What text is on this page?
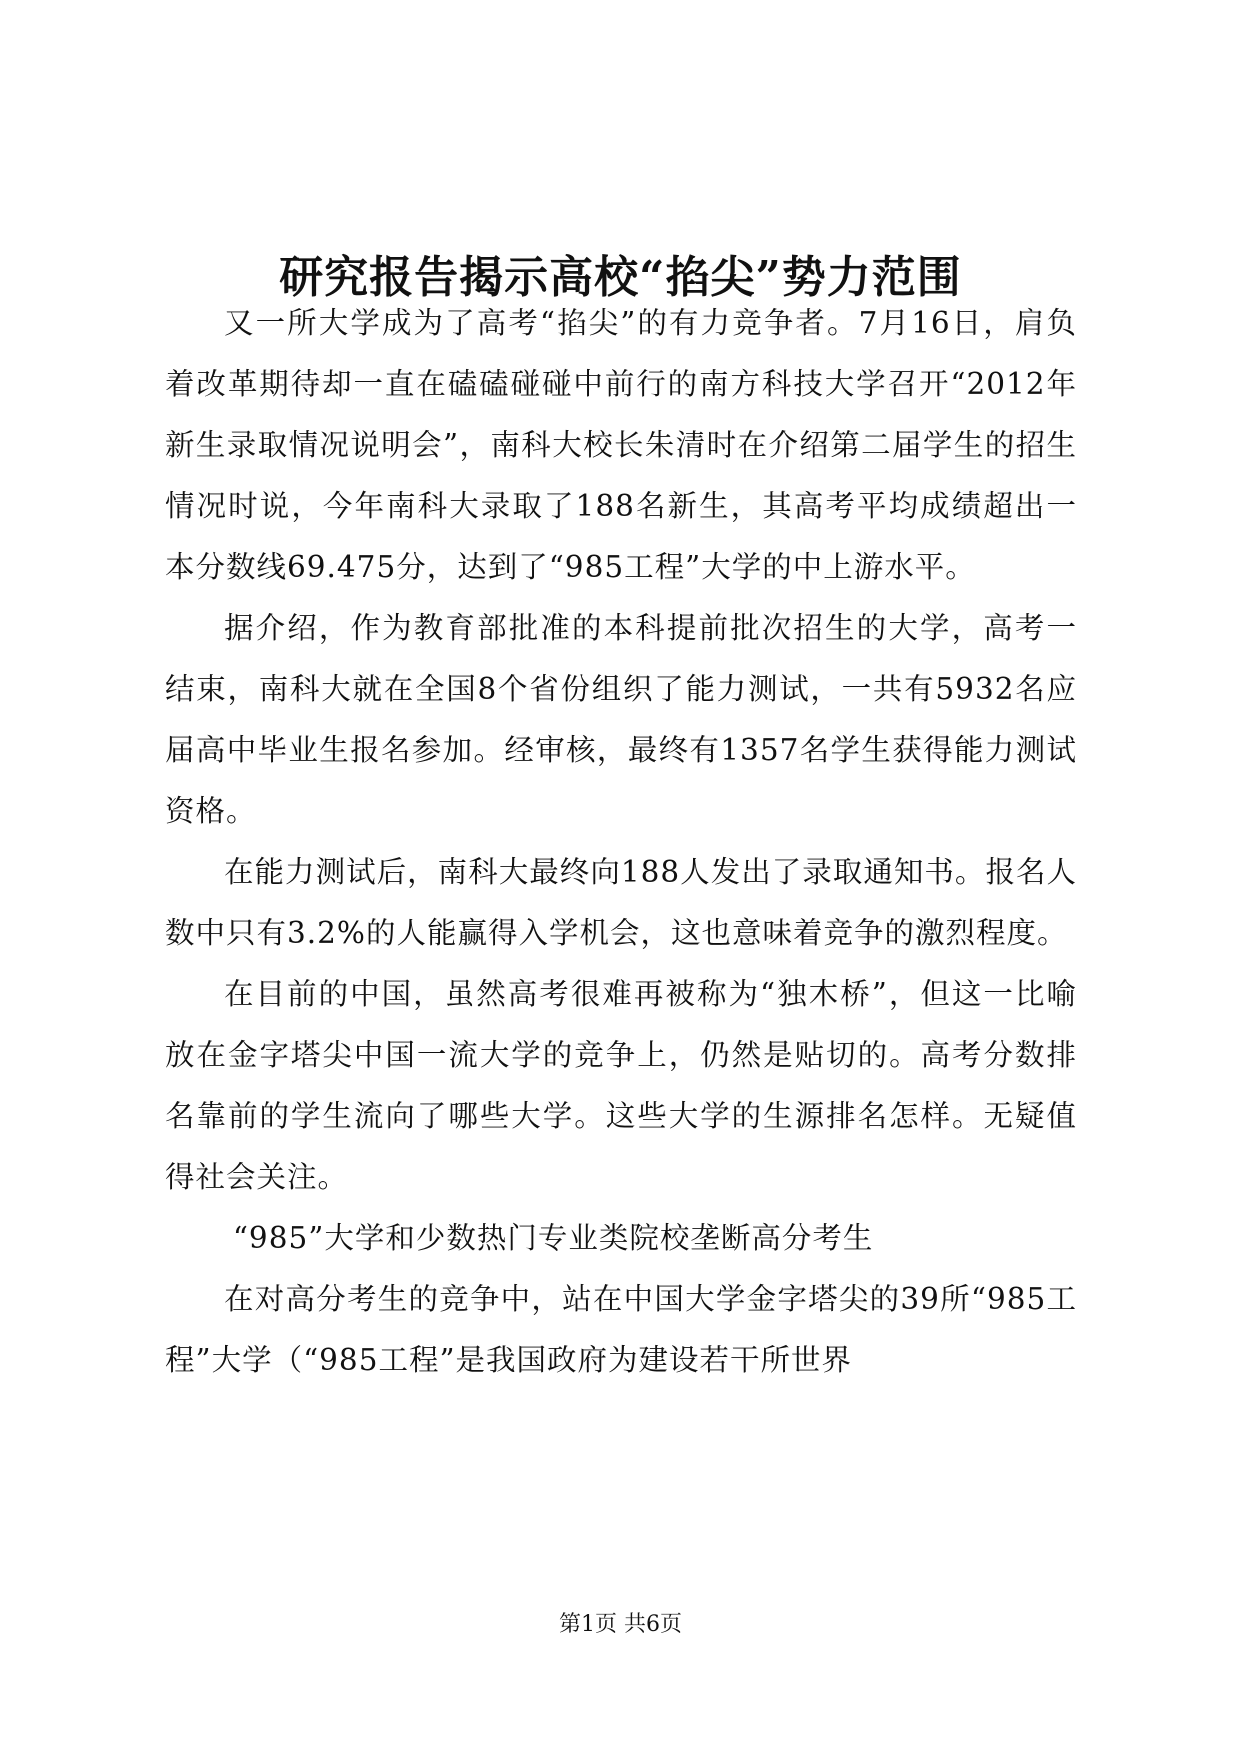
研究报告揭示高校“掐尖”势力范围

又一所大学成为了高考“掐尖”的有力竞争者。7月16日，肩负着改革期待却一直在磕磕碰碰中前行的南方科技大学召开“2012年新生录取情况说明会”，南科大校长朱清时在介绍第二届学生的招生情况时说，今年南科大录取了188名新生，其高考平均成绩超出一本分数线69.475分，达到了“985工程”大学的中上游水平。

据介绍，作为教育部批准的本科提前批次招生的大学，高考一结束，南科大就在全国8个省份组织了能力测试，一共有5932名应届高中毕业生报名参加。经审核，最终有1357名学生获得能力测试资格。

在能力测试后，南科大最终向188人发出了录取通知书。报名人数中只有3.2%的人能赢得入学机会，这也意味着竞争的激烈程度。

在目前的中国，虽然高考很难再被称为“独木桥”，但这一比喻放在金字塔尖中国一流大学的竞争上，仍然是贴切的。高考分数排名靠前的学生流向了哪些大学。这些大学的生源排名怎样。无疑值得社会关注。

“985”大学和少数热门专业类院校垄断高分考生

在对高分考生的竞争中，站在中国大学金字塔尖的39所“985工程”大学（“985工程”是我国政府为建设若干所世界

第1页 共6页
